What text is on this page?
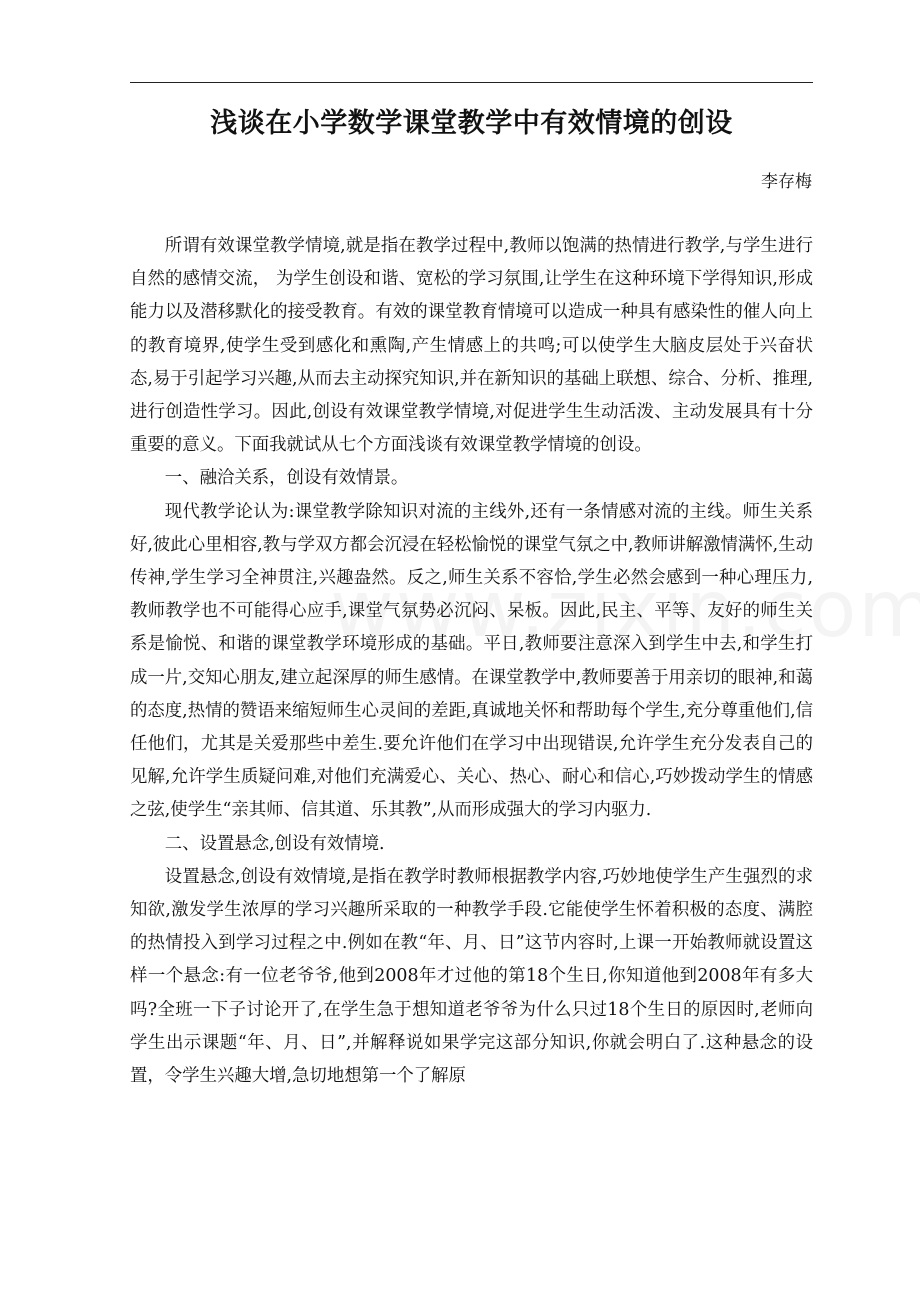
浅谈在小学数学课堂教学中有效情境的创设
李存梅

所谓有效课堂教学情境,就是指在教学过程中,教师以饱满的热情进行教学,与学生进行自然的感情交流， 为学生创设和谐、宽松的学习氛围,让学生在这种环境下学得知识,形成能力以及潜移默化的接受教育。有效的课堂教育情境可以造成一种具有感染性的催人向上的教育境界,使学生受到感化和熏陶,产生情感上的共鸣;可以使学生大脑皮层处于兴奋状态,易于引起学习兴趣,从而去主动探究知识,并在新知识的基础上联想、综合、分析、推理,进行创造性学习。因此,创设有效课堂教学情境,对促进学生生动活泼、主动发展具有十分重要的意义。下面我就试从七个方面浅谈有效课堂教学情境的创设。

一、融洽关系，创设有效情景。

现代教学论认为:课堂教学除知识对流的主线外,还有一条情感对流的主线。师生关系好,彼此心里相容,教与学双方都会沉浸在轻松愉悦的课堂气氛之中,教师讲解激情满怀,生动传神,学生学习全神贯注,兴趣盎然。反之,师生关系不容恰,学生必然会感到一种心理压力,教师教学也不可能得心应手,课堂气氛势必沉闷、呆板。因此,民主、平等、友好的师生关系是愉悦、和谐的课堂教学环境形成的基础。平日,教师要注意深入到学生中去,和学生打成一片,交知心朋友,建立起深厚的师生感情。在课堂教学中,教师要善于用亲切的眼神,和蔼的态度,热情的赞语来缩短师生心灵间的差距,真诚地关怀和帮助每个学生,充分尊重他们,信任他们，尤其是关爱那些中差生.要允许他们在学习中出现错误,允许学生充分发表自己的见解,允许学生质疑问难,对他们充满爱心、关心、热心、耐心和信心,巧妙拨动学生的情感之弦,使学生“亲其师、信其道、乐其教”,从而形成强大的学习内驱力.

二、设置悬念,创设有效情境.

设置悬念,创设有效情境,是指在教学时教师根据教学内容,巧妙地使学生产生强烈的求知欲,激发学生浓厚的学习兴趣所采取的一种教学手段.它能使学生怀着积极的态度、满腔的热情投入到学习过程之中.例如在教“年、月、日”这节内容时,上课一开始教师就设置这样一个悬念:有一位老爷爷,他到2008年才过他的第18个生日,你知道他到2008年有多大吗?全班一下子讨论开了,在学生急于想知道老爷爷为什么只过18个生日的原因时,老师向学生出示课题“年、月、日”,并解释说如果学完这部分知识,你就会明白了.这种悬念的设置，令学生兴趣大增,急切地想第一个了解原
